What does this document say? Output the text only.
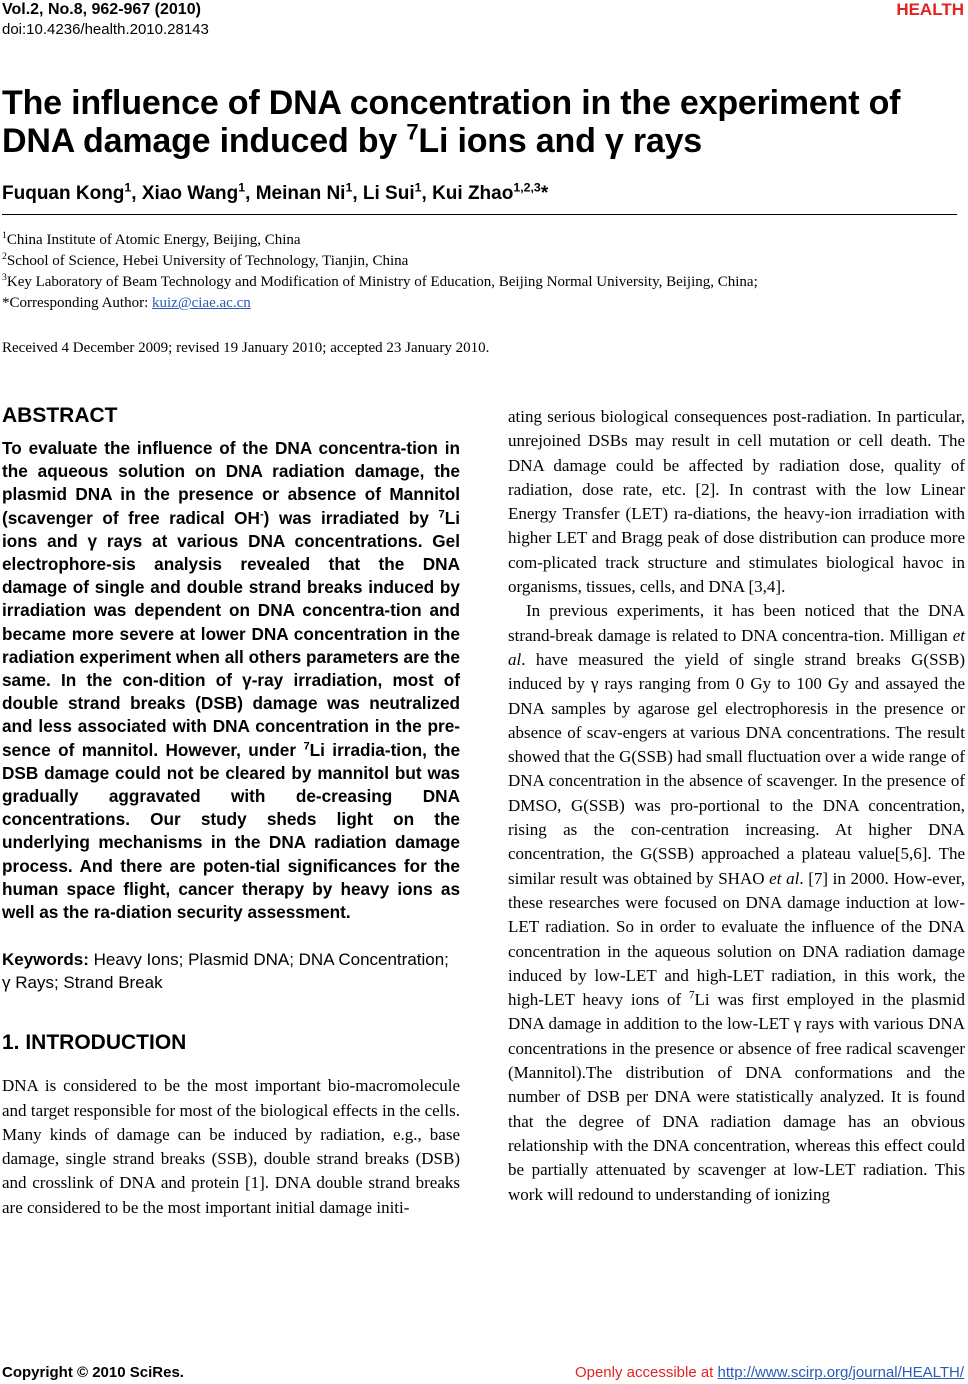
Vol.2, No.8, 962-967 (2010)
doi:10.4236/health.2010.28143
HEALTH
The influence of DNA concentration in the experiment of
DNA damage induced by $^7$Li ions and γ rays

Fuquan Kong$^1$, Xiao Wang$^1$, Meinan Ni$^1$, Li Sui$^1$, Kui Zhao$^{1,2,3}$*

$^1$China Institute of Atomic Energy, Beijing, China
$^2$School of Science, Hebei University of Technology, Tianjin, China
$^3$Key Laboratory of Beam Technology and Modification of Ministry of Education, Beijing Normal University, Beijing, China;
*Corresponding Author: kuiz@ciae.ac.cn
Received 4 December 2009; revised 19 January 2010; accepted 23 January 2010.
ABSTRACT

To evaluate the influence of the DNA concentra-tion in the aqueous solution on DNA radiation damage, the plasmid DNA in the presence or absence of Mannitol (scavenger of free radical OH-) was irradiated by $^7$Li ions and γ rays at various DNA concentrations. Gel electrophore-sis analysis revealed that the DNA damage of single and double strand breaks induced by irradiation was dependent on DNA concentra-tion and became more severe at lower DNA concentration in the radiation experiment when all others parameters are the same. In the con-dition of γ-ray irradiation, most of double strand breaks (DSB) damage was neutralized and less associated with DNA concentration in the pre-sence of mannitol. However, under $^7$Li irradia-tion, the DSB damage could not be cleared by mannitol but was gradually aggravated with de-creasing DNA concentrations. Our study sheds light on the underlying mechanisms in the DNA radiation damage process. And there are poten-tial significances for the human space flight, cancer therapy by heavy ions as well as the ra-diation security assessment.

Keywords: Heavy Ions; Plasmid DNA; DNA Concentration; γ Rays; Strand Break

1. INTRODUCTION

DNA is considered to be the most important bio-macromolecule and target responsible for most of the biological effects in the cells. Many kinds of damage can be induced by radiation, e.g., base damage, single strand breaks (SSB), double strand breaks (DSB) and crosslink of DNA and protein [1]. DNA double strand breaks are considered to be the most important initial damage initi-

ating serious biological consequences post-radiation. In particular, unrejoined DSBs may result in cell mutation or cell death. The DNA damage could be affected by radiation dose, quality of radiation, dose rate, etc. [2]. In contrast with the low Linear Energy Transfer (LET) ra-diations, the heavy-ion irradiation with higher LET and Bragg peak of dose distribution can produce more com-plicated track structure and stimulates biological havoc in organisms, tissues, cells, and DNA [3,4].

In previous experiments, it has been noticed that the DNA strand-break damage is related to DNA concentra-tion. Milligan et al. have measured the yield of single strand breaks G(SSB) induced by γ rays ranging from 0 Gy to 100 Gy and assayed the DNA samples by agarose gel electrophoresis in the presence or absence of scav-engers at various DNA concentrations. The result showed that the G(SSB) had small fluctuation over a wide range of DNA concentration in the absence of scavenger. In the presence of DMSO, G(SSB) was pro-portional to the DNA concentration, rising as the con-centration increasing. At higher DNA concentration, the G(SSB) approached a plateau value[5,6]. The similar result was obtained by SHAO et al. [7] in 2000. How-ever, these researches were focused on DNA damage induction at low-LET radiation. So in order to evaluate the influence of the DNA concentration in the aqueous solution on DNA radiation damage induced by low-LET and high-LET radiation, in this work, the high-LET heavy ions of $^7$Li was first employed in the plasmid DNA damage in addition to the low-LET γ rays with various DNA concentrations in the presence or absence of free radical scavenger (Mannitol).The distribution of DNA conformations and the number of DSB per DNA were statistically analyzed. It is found that the degree of DNA radiation damage has an obvious relationship with the DNA concentration, whereas this effect could be partially attenuated by scavenger at low-LET radiation. This work will redound to understanding of ionizing

Copyright © 2010 SciRes.	Openly accessible at http://www.scirp.org/journal/HEALTH/
